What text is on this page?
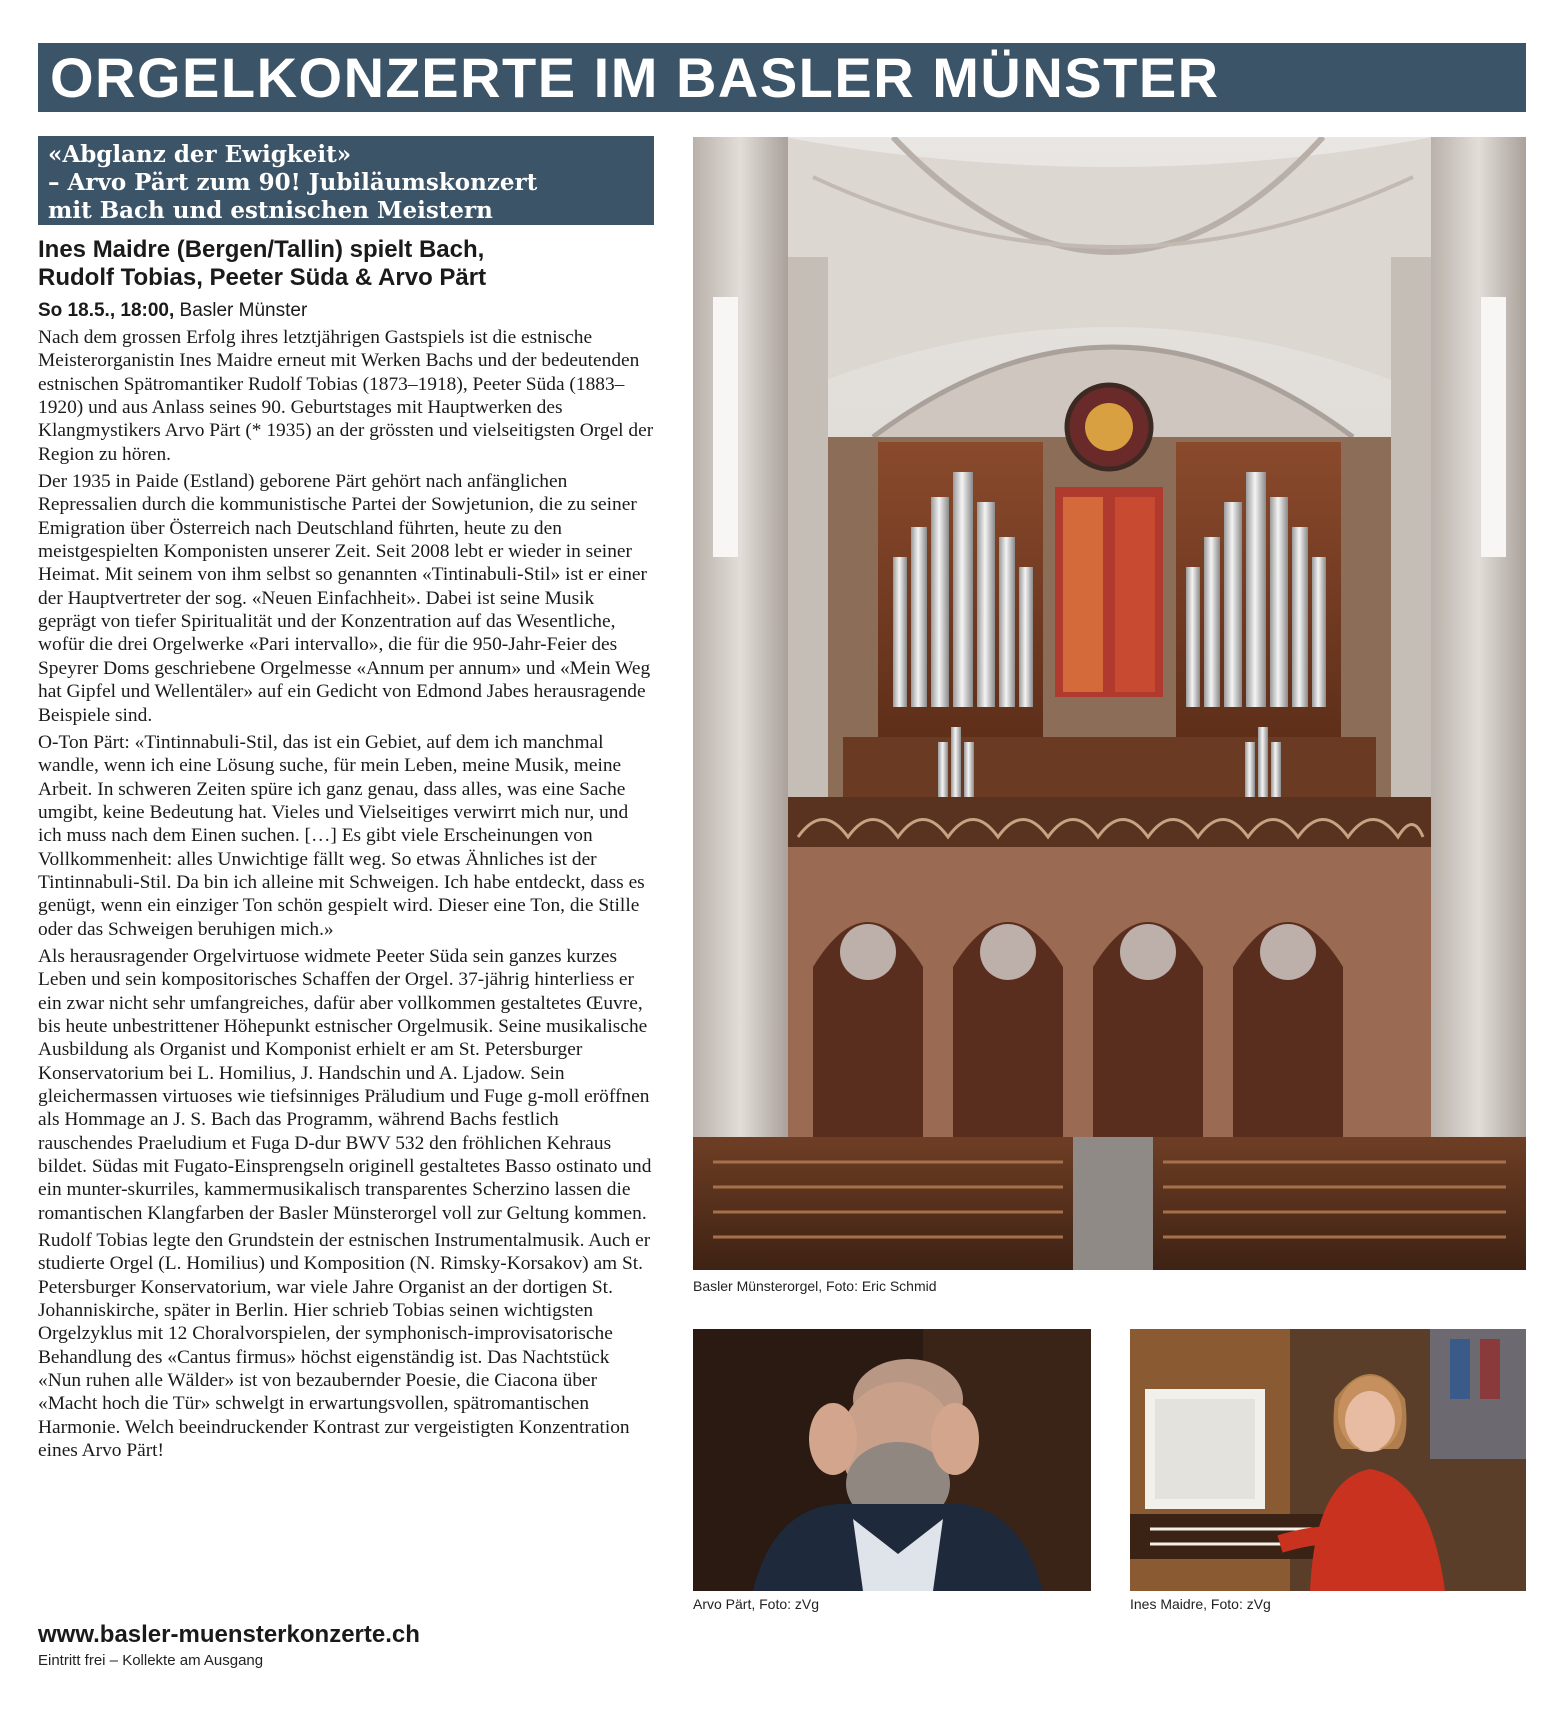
ORGELKONZERTE IM BASLER MÜNSTER
«Abglanz der Ewigkeit»
– Arvo Pärt zum 90! Jubiläumskonzert
mit Bach und estnischen Meistern
Ines Maidre (Bergen/Tallin) spielt Bach,
Rudolf Tobias, Peeter Süda & Arvo Pärt
So 18.5., 18:00, Basler Münster

Nach dem grossen Erfolg ihres letztjährigen Gastspiels ist die estnische Meisterorganistin Ines Maidre erneut mit Werken Bachs und der bedeutenden estnischen Spätromantiker Rudolf Tobias (1873–1918), Peeter Süda (1883–1920) und aus Anlass seines 90. Geburtstages mit Hauptwerken des Klangmystikers Arvo Pärt (* 1935) an der grössten und vielseitigsten Orgel der Region zu hören.

Der 1935 in Paide (Estland) geborene Pärt gehört nach anfänglichen Repressalien durch die kommunistische Partei der Sowjetunion, die zu seiner Emigration über Österreich nach Deutschland führten, heute zu den meistgespielten Komponisten unserer Zeit. Seit 2008 lebt er wieder in seiner Heimat. Mit seinem von ihm selbst so genannten «Tintinabuli-Stil» ist er einer der Hauptvertreter der sog. «Neuen Einfachheit». Dabei ist seine Musik geprägt von tiefer Spiritualität und der Konzentration auf das Wesentliche, wofür die drei Orgelwerke «Pari intervallo», die für die 950-Jahr-Feier des Speyrer Doms geschriebene Orgelmesse «Annum per annum» und «Mein Weg hat Gipfel und Wellentäler» auf ein Gedicht von Edmond Jabes herausragende Beispiele sind.

O-Ton Pärt: «Tintinnabuli-Stil, das ist ein Gebiet, auf dem ich manchmal wandle, wenn ich eine Lösung suche, für mein Leben, meine Musik, meine Arbeit. In schweren Zeiten spüre ich ganz genau, dass alles, was eine Sache umgibt, keine Bedeutung hat. Vieles und Vielseitiges verwirrt mich nur, und ich muss nach dem Einen suchen. […] Es gibt viele Erscheinungen von Vollkommenheit: alles Unwichtige fällt weg. So etwas Ähnliches ist der Tintinnabuli-Stil. Da bin ich alleine mit Schweigen. Ich habe entdeckt, dass es genügt, wenn ein einziger Ton schön gespielt wird. Dieser eine Ton, die Stille oder das Schweigen beruhigen mich.»

Als herausragender Orgelvirtuose widmete Peeter Süda sein ganzes kurzes Leben und sein kompositorisches Schaffen der Orgel. 37-jährig hinterliess er ein zwar nicht sehr umfangreiches, dafür aber vollkommen gestaltetes Œuvre, bis heute unbestrittener Höhepunkt estnischer Orgelmusik. Seine musikalische Ausbildung als Organist und Komponist erhielt er am St. Petersburger Konservatorium bei L. Homilius, J. Handschin und A. Ljadow. Sein gleichermassen virtuoses wie tiefsinniges Präludium und Fuge g-moll eröffnen als Hommage an J. S. Bach das Programm, während Bachs festlich rauschendes Praeludium et Fuga D-dur BWV 532 den fröhlichen Kehraus bildet. Südas mit Fugato-Einsprengseln originell gestaltetes Basso ostinato und ein munter-skurriles, kammermusikalisch transparentes Scherzino lassen die romantischen Klangfarben der Basler Münsterorgel voll zur Geltung kommen.

Rudolf Tobias legte den Grundstein der estnischen Instrumentalmusik. Auch er studierte Orgel (L. Homilius) und Komposition (N. Rimsky-Korsakov) am St. Petersburger Konservatorium, war viele Jahre Organist an der dortigen St. Johanniskirche, später in Berlin. Hier schrieb Tobias seinen wichtigsten Orgelzyklus mit 12 Choralvorspielen, der symphonisch-improvisatorische Behandlung des «Cantus firmus» höchst eigenständig ist. Das Nachtstück «Nun ruhen alle Wälder» ist von bezaubernder Poesie, die Ciacona über «Macht hoch die Tür» schwelgt in erwartungsvollen, spätromantischen Harmonie. Welch beeindruckender Kontrast zur vergeistigten Konzentration eines Arvo Pärt!

www.basler-muensterkonzerte.ch
Eintritt frei – Kollekte am Ausgang
Basler Münsterorgel, Foto: Eric Schmid
Arvo Pärt, Foto: zVg	Ines Maidre, Foto: zVg
